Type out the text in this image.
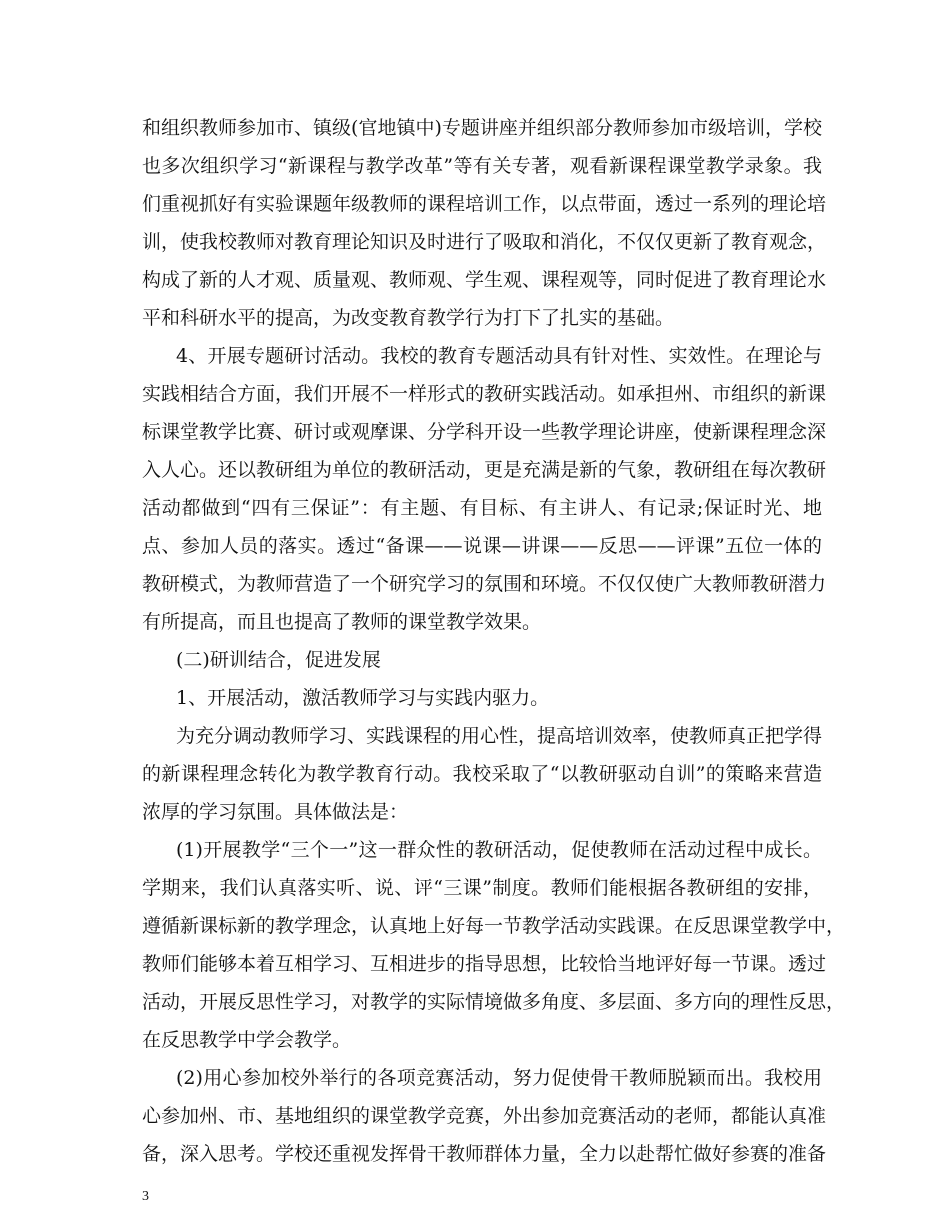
和组织教师参加市、镇级(官地镇中)专题讲座并组织部分教师参加市级培训，学校
也多次组织学习“新课程与教学改革”等有关专著，观看新课程课堂教学录象。我
们重视抓好有实验课题年级教师的课程培训工作，以点带面，透过一系列的理论培
训，使我校教师对教育理论知识及时进行了吸取和消化，不仅仅更新了教育观念，
构成了新的人才观、质量观、教师观、学生观、课程观等，同时促进了教育理论水
平和科研水平的提高，为改变教育教学行为打下了扎实的基础。
4、开展专题研讨活动。我校的教育专题活动具有针对性、实效性。在理论与
实践相结合方面，我们开展不一样形式的教研实践活动。如承担州、市组织的新课
标课堂教学比赛、研讨或观摩课、分学科开设一些教学理论讲座，使新课程理念深
入人心。还以教研组为单位的教研活动，更是充满是新的气象，教研组在每次教研
活动都做到“四有三保证”：有主题、有目标、有主讲人、有记录;保证时光、地
点、参加人员的落实。透过“备课——说课—讲课——反思——评课”五位一体的
教研模式，为教师营造了一个研究学习的氛围和环境。不仅仅使广大教师教研潜力
有所提高，而且也提高了教师的课堂教学效果。
(二)研训结合，促进发展
1、开展活动，激活教师学习与实践内驱力。
为充分调动教师学习、实践课程的用心性，提高培训效率，使教师真正把学得
的新课程理念转化为教学教育行动。我校采取了“以教研驱动自训”的策略来营造
浓厚的学习氛围。具体做法是：
(1)开展教学“三个一”这一群众性的教研活动，促使教师在活动过程中成长。
学期来，我们认真落实听、说、评“三课”制度。教师们能根据各教研组的安排，
遵循新课标新的教学理念，认真地上好每一节教学活动实践课。在反思课堂教学中，
教师们能够本着互相学习、互相进步的指导思想，比较恰当地评好每一节课。透过
活动，开展反思性学习，对教学的实际情境做多角度、多层面、多方向的理性反思，
在反思教学中学会教学。
(2)用心参加校外举行的各项竞赛活动，努力促使骨干教师脱颖而出。我校用
心参加州、市、基地组织的课堂教学竞赛，外出参加竞赛活动的老师，都能认真准
备，深入思考。学校还重视发挥骨干教师群体力量，全力以赴帮忙做好参赛的准备
3
